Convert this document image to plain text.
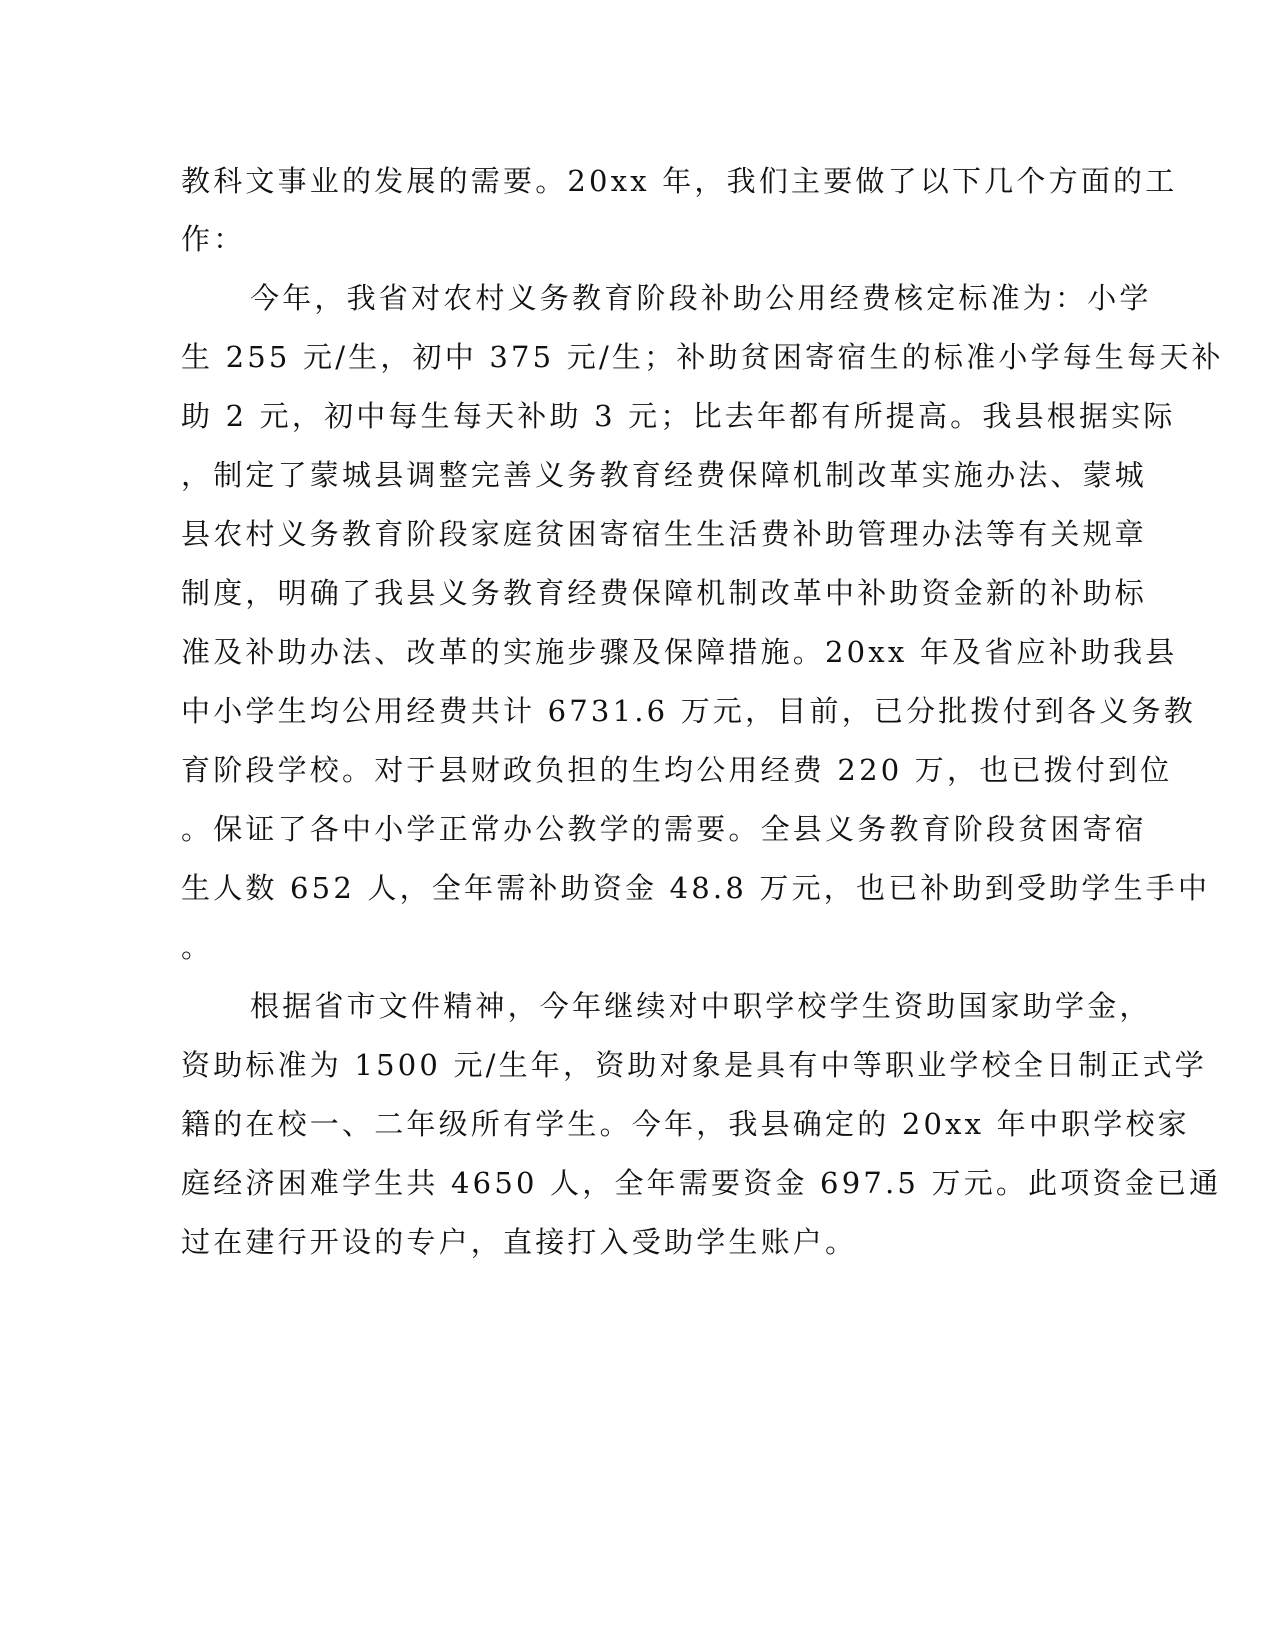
教科文事业的发展的需要。20xx 年，我们主要做了以下几个方面的工
作：
今年，我省对农村义务教育阶段补助公用经费核定标准为：小学
生 255 元/生，初中 375 元/生；补助贫困寄宿生的标准小学每生每天补
助 2 元，初中每生每天补助 3 元；比去年都有所提高。我县根据实际
，制定了蒙城县调整完善义务教育经费保障机制改革实施办法、蒙城
县农村义务教育阶段家庭贫困寄宿生生活费补助管理办法等有关规章
制度，明确了我县义务教育经费保障机制改革中补助资金新的补助标
准及补助办法、改革的实施步骤及保障措施。20xx 年及省应补助我县
中小学生均公用经费共计 6731.6 万元，目前，已分批拨付到各义务教
育阶段学校。对于县财政负担的生均公用经费 220 万，也已拨付到位
。保证了各中小学正常办公教学的需要。全县义务教育阶段贫困寄宿
生人数 652 人，全年需补助资金 48.8 万元，也已补助到受助学生手中
。
根据省市文件精神，今年继续对中职学校学生资助国家助学金，
资助标准为 1500 元/生年，资助对象是具有中等职业学校全日制正式学
籍的在校一、二年级所有学生。今年，我县确定的 20xx 年中职学校家
庭经济困难学生共 4650 人，全年需要资金 697.5 万元。此项资金已通
过在建行开设的专户，直接打入受助学生账户。
